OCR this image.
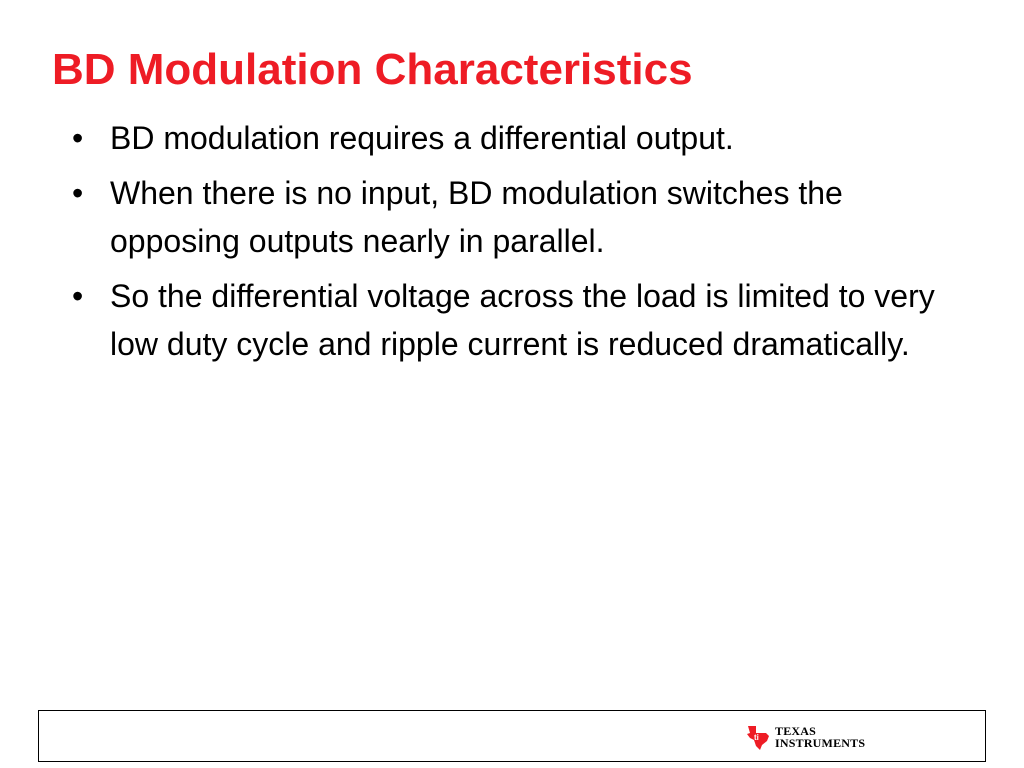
BD Modulation Characteristics
• BD modulation requires a differential output.
• When there is no input, BD modulation switches the opposing outputs nearly in parallel.
• So the differential voltage across the load is limited to very low duty cycle and ripple current is reduced dramatically.
ti TEXAS
INSTRUMENTS
